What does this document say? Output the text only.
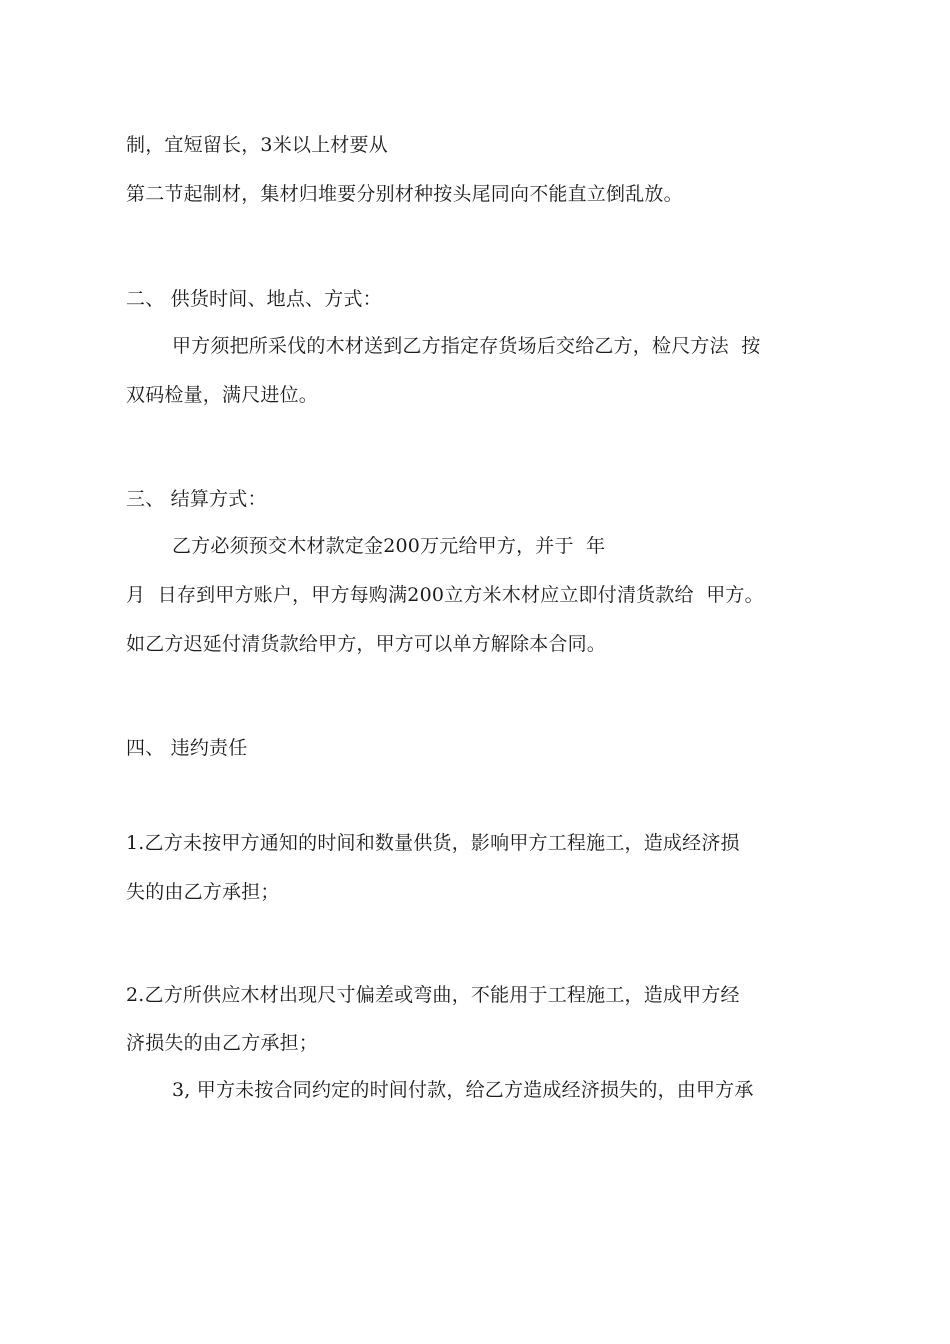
制，宜短留长，3米以上材要从
第二节起制材，集材归堆要分别材种按头尾同向不能直立倒乱放。
二、 供货时间、地点、方式：
甲方须把所采伐的木材送到乙方指定存货场后交给乙方，检尺方法  按
双码检量，满尺进位。
三、 结算方式：
乙方必须预交木材款定金200万元给甲方，并于  年
月  日存到甲方账户，甲方每购满200立方米木材应立即付清货款给  甲方。
如乙方迟延付清货款给甲方，甲方可以单方解除本合同。
四、 违约责任
1.乙方未按甲方通知的时间和数量供货，影响甲方工程施工，造成经济损
失的由乙方承担；
2.乙方所供应木材出现尺寸偏差或弯曲，不能用于工程施工，造成甲方经
济损失的由乙方承担；
3, 甲方未按合同约定的时间付款，给乙方造成经济损失的，由甲方承
